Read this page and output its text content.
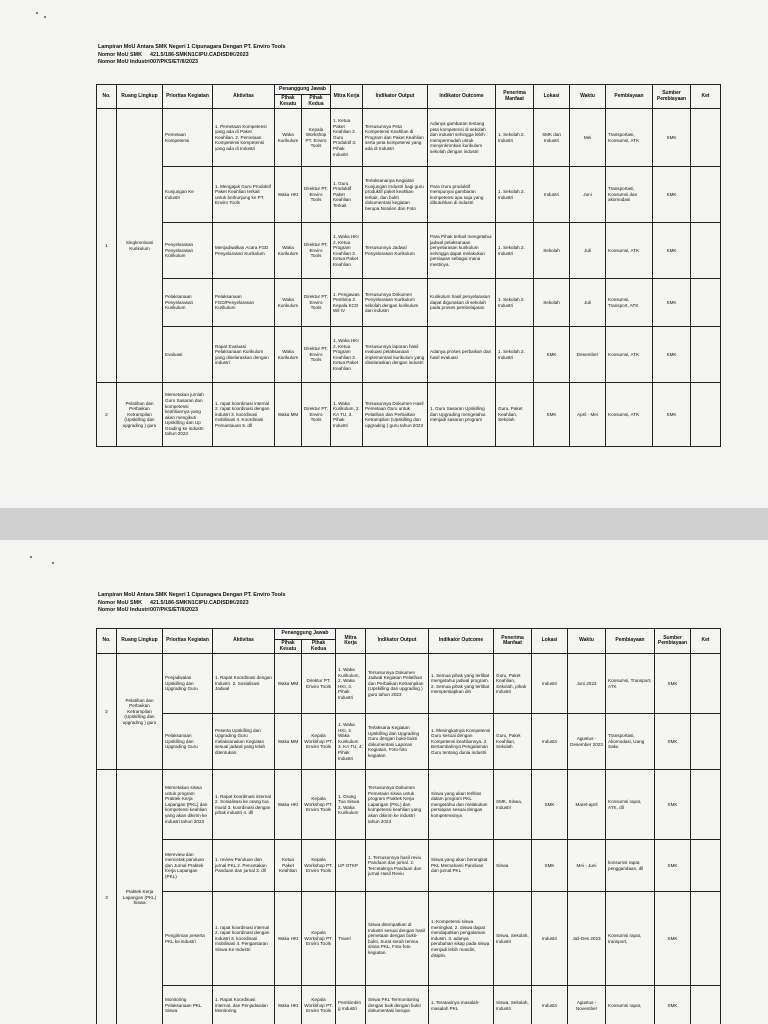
Lampiran MoU Antara SMK Negeri 1 Cipunagara Dengan PT. Enviro Tools
Nomor MoU SMK	421.5/186-SMKN1CIPU.CADISDIK/2023
Nomor MoU Industri 007/PKS/ET/II/2023
No.	Ruang Lingkup	Prioritas Kegiatan	Aktivitas	Penanggung Jawab		Mitra Kerja	Indikator Output	Indikator Outcome	Penerima Manfaat	Lokasi	Waktu	Pembiayaan	Sumber Pembiayaan	Ket
				Pihak Kesatu	Pihak Kedua									
1	Singkronisasi Kurikulum	Pemetaan Kompetensi	1. Pemetaan Kompetensi yang ada di Paket Keahlian. 2. Pemetaan Kompetensi kompetensi yang ada di Industri	Waka Kurikulum	Kepala Workshop PT. Enviro Tools	1. Ketua Paket Keahlian 2. Guru Produktif 3. Pihak Industri	Tersusunnya Peta Kompetensi Keahlian di Program dan Paket Keahlian serta peta kompetensi yang ada di Industri	Adanya gambaran tentang peta kompetensi di sekolah dan industri sehingga lebih mempermudah untuk menyinkronkan kurikulum sekolah dengan industri	1. Sekolah 2. Industri	SMK dan Industri	Mei	Transportasi, Konsumsi, ATK	SMK	
		Kunjungan Ke Industri	1. Mengajak Guru Produktif Paket Keahlian terkait untuk berkunjung ke PT. Enviro Tools	Waka HKI	Direktur PT. Enviro Tools	1. Guru Produktif Paket Keahlian Terkait	Terlaksananya Kegiatan Kunjungan Industri bagi guru produktif paket keahlian terkait, dan bukti dokumentasi kegiatan berupa Notulen dan Foto	Para Guru produktif mempunyai gambaran kompetensi apa saja yang dibutuhkan di industri	1. Sekolah 2. Industri	Industri	Juni	Transportasi, Konsumsi dan akomodasi	SMK	
		Penyelarasan Penyelarasan Kurikulum	Menjadwalkan Acara FGD Penyelarasan Kurikulum	Waka Kurikulum	Direktur PT. Enviro Tools	1. Waka HKI 2. Ketua Program Keahlian 3. Ketua Paket Keahlian	Tersusunnya Jadwal Penyelarasan Kurikulum	Para Pihak terkait mengetahui jadwal pelaksanaan penyelarasan kurikulum sehingga dapat melakukan persiapan sebagai mana mestinya.	1. Sekolah 2. Industri	Sekolah	Juli	Konsumsi, ATK	SMK	
		Pelaksanaan Penyelarasan Kurikulum	Pelaksanaan FGD/Penyelarasan Kurikulum	Waka Kurikulum	Direktur PT. Enviro Tools	1. Pengawas Pembina 2. Kepala KCD Wil IV	Tersusunnya Dokumen Penyelarasan Kurikulum sekolah dengan kurikulum dari industri	Kurikulum hasil penyelarasan dapat digunakan di sekolah pada proses pembelajaran	1. Sekolah 2. Industri	Sekolah	Juli	Konsumsi, Transport, ATK	SMK	
		Evaluasi	Rapat Evaluasi Pelaksanaan Kurikulum yang diselaraskan dengan industri	Waka Kurikulum	Direktur PT. Enviro Tools	1. Waka HKI 2. Ketua Program Keahlian 3. Ketua Paket Keahlian	Tersusunnya laporan hasil evaluasi pelaksanaan implementasi kurikulum yang diselaraskan dengan industri	Adanya proses perbaikan dari hasil evaluasi	1. Sekolah 2. Industri	SMK	Desember	Konsumsi, ATK	SMK	
2	Pelatihan dan Perbaikan Ketrampilan (Upskilling dan upgrading ) guru	Memetakan jumlah Guru Sasaran dan kompetensi keahliannya yang akan mengikuti Upskilling dan Up Grading ke industri tahun 2023	1. rapat koordinasi internal 2. rapat koordinasi dengan industri 3. koordinasi mobilisasi 4. Koordinasi Pemantauan 5. dll	Waka MM	Direktur PT. Enviro Tools	1. Waka Kurikulum, 2. KA TU, 3. Pihak Industri	Tersusunnya Dokumen Hasil Pemetaan Guru untuk Pelatihan dan Perbaikan Ketrampilan (Upskilling dan upgrading ) guru tahun 2023	1. Guru Sasaran Upskilling dan Upgrading mengetahui menjadi sasaran program	Guru, Paket Keahlian, Sekolah	SMK	April - Mei	Konsumsi, ATK	SMK	
Lampiran MoU Antara SMK Negeri 1 Cipunagara Dengan PT. Enviro Tools
Nomor MoU SMK	421.5/186-SMKN1CIPU.CADISDIK/2023
Nomor MoU Industri 007/PKS/ET/II/2023
No.	Ruang Lingkup	Prioritas Kegiatan	Aktivitas	Penanggung Jawab		Mitra Kerja	Indikator Output	Indikator Outcome	Penerima Manfaat	Lokasi	Waktu	Pembiayaan	Sumber Pembiayaan	Ket
				Pihak Kesatu	Pihak Kedua									
2	Pelatihan dan Perbaikan Ketrampilan (Upskilling dan upgrading ) guru	Penjadwalan Upskilling dan Upgrading Guru	1. Rapat Koordinasi dengan Industri. 2. Sosialisasi Jadwal	Waka MM	Direktur PT. Enviro Tools	1. Waka Kurikulum, 2. Waka HKI, 3. Pihak Industri	Tersusunnya Dokumen Jadwal Kegiatan Pelatihan dan Perbaikan Ketrampilan (Upskilling dan upgrading ) guru tahun 2023	1. Semua pihak yang terlibat mengetahui jadwal program. 2. Semua pihak yang terlibat mempersiapkan diri	Guru, Paket Keahlian, Sekolah, pihak Industri	Industri	Juni 2023	Konsumsi, Transport, ATK	SMK	
		Pelaksanaan Upskilling dan Upgrading Guru	Peserta Upskilling dan Upgrading Guru melaksanakan Kegiatan sesuai jadwal yang telah ditentukan.	Waka MM	Kepala Workshop PT. Enviro Tools	1. Waka HKI, 2. Waka Kurikulum 3. KA TU, 4. Pihak Industri	Terlaksana Kegiatan Upskilling dan Upgrading Guru dengan bukti-bukti dokumentasi Laporan Kegiatan, Foto-foto kegiatan.	1. Meningkatnya Kompetensi Guru sesuai dengan Kompetensi keahliannya. 2. Bertambahnya Pengalaman Guru tentang dunia industri	Guru, Paket Keahlian, Sekolah	Industri	Agustus - Desember 2023	Transportasi, Akomodasi, Uang Saku	SMK	
3	Praktek Kerja Lapangan (PKL) Siswa	Memetakan siswa untuk program Praktek Kerja Lapangan (PKL) dan kompetensi keahlian yang akan dikirim ke industri tahun 2023	1. Rapat koordinasi internal 2. Sosialisasi ke orang tua murid 3. koordinasi dengan pihak industri 4. dll	Waka HKI	Kepala Workshop PT. Enviro Tools	1. Orang Tua Siswa 2. Waka Kurikulum	Tersusunnya Dokumen Pemetaan siswa untuk program Praktek Kerja Lapangan (PKL) dan kompetensi keahlian yang akan dikirim ke industri tahun 2023	Siswa yang akan terlibat dalam program PKL mengetahui dan melakukan persiapan sesuai dengan kompetensinya	SMK, Siswa, Industri	SMK	Maret-april	Konsumsi rapat, ATK, dll	SMK	
		Mereview dan mencetak panduan dan Jurnal Praktek Kerja Lapangan (PKL)	1. review Panduan dan jurnal PKL 2. Pencetakan Panduan dan jurnal 3. dll	Ketua Paket Keahlian	Kepala Workshop PT. Enviro Tools	UP OTKP	1. Tersusunnya hasil reviu Panduan dan jurnal. 2. Tercetaknya Panduan dan jurnal Hasil Reviu	Siswa yang akan berangkat PKL Memahami Panduan dan jurnal PKL	Siswa	SMK	Mei - Juni	konsumsi rapat, penggandaan, dll	SMK	
		Pengiriman peserta PKL ke industri	1. rapat koordinasi internal 2. rapat koordinasi dengan industri 3. koordinasi mobilisasi 4. Pengantaran Siswa Ke Industri	Waka HKI	Kepala Workshop PT. Enviro Tools	Travel	Siswa ditempatkan di Industri sesuai dengan hasil pemetaan dengan bukti-bukti, Surat serah terima siswa PKL, Foto-foto kegiatan.	1. Kompetensi siswa meningkat, 2. Siswa dapat mendapatkan pengalaman industri. 3. adanya perubahan sikap pada siswa menjadi lebih mandiri, disiplin.	Siswa, Sekolah, Industri	Industri	Juli-Des 2023	Konsumsi rapat, transport,	SMK	
		Monitoring Pelaksanaan PKL Siswa	1. Rapat Koordinasi internal, dan Penjadwalan Monitoring	Waka HKI	Kepala Workshop PT. Enviro Tools	Pembimbing Industri	Siswa PKL Termonitoring dengan baik dengan bukti dokumentasi berupa	1. Teratasinya masalah-masalah PKL	Siswa, Sekolah, Industri	Industri	Agustus - November	Konsumsi rapat,	SMK	
